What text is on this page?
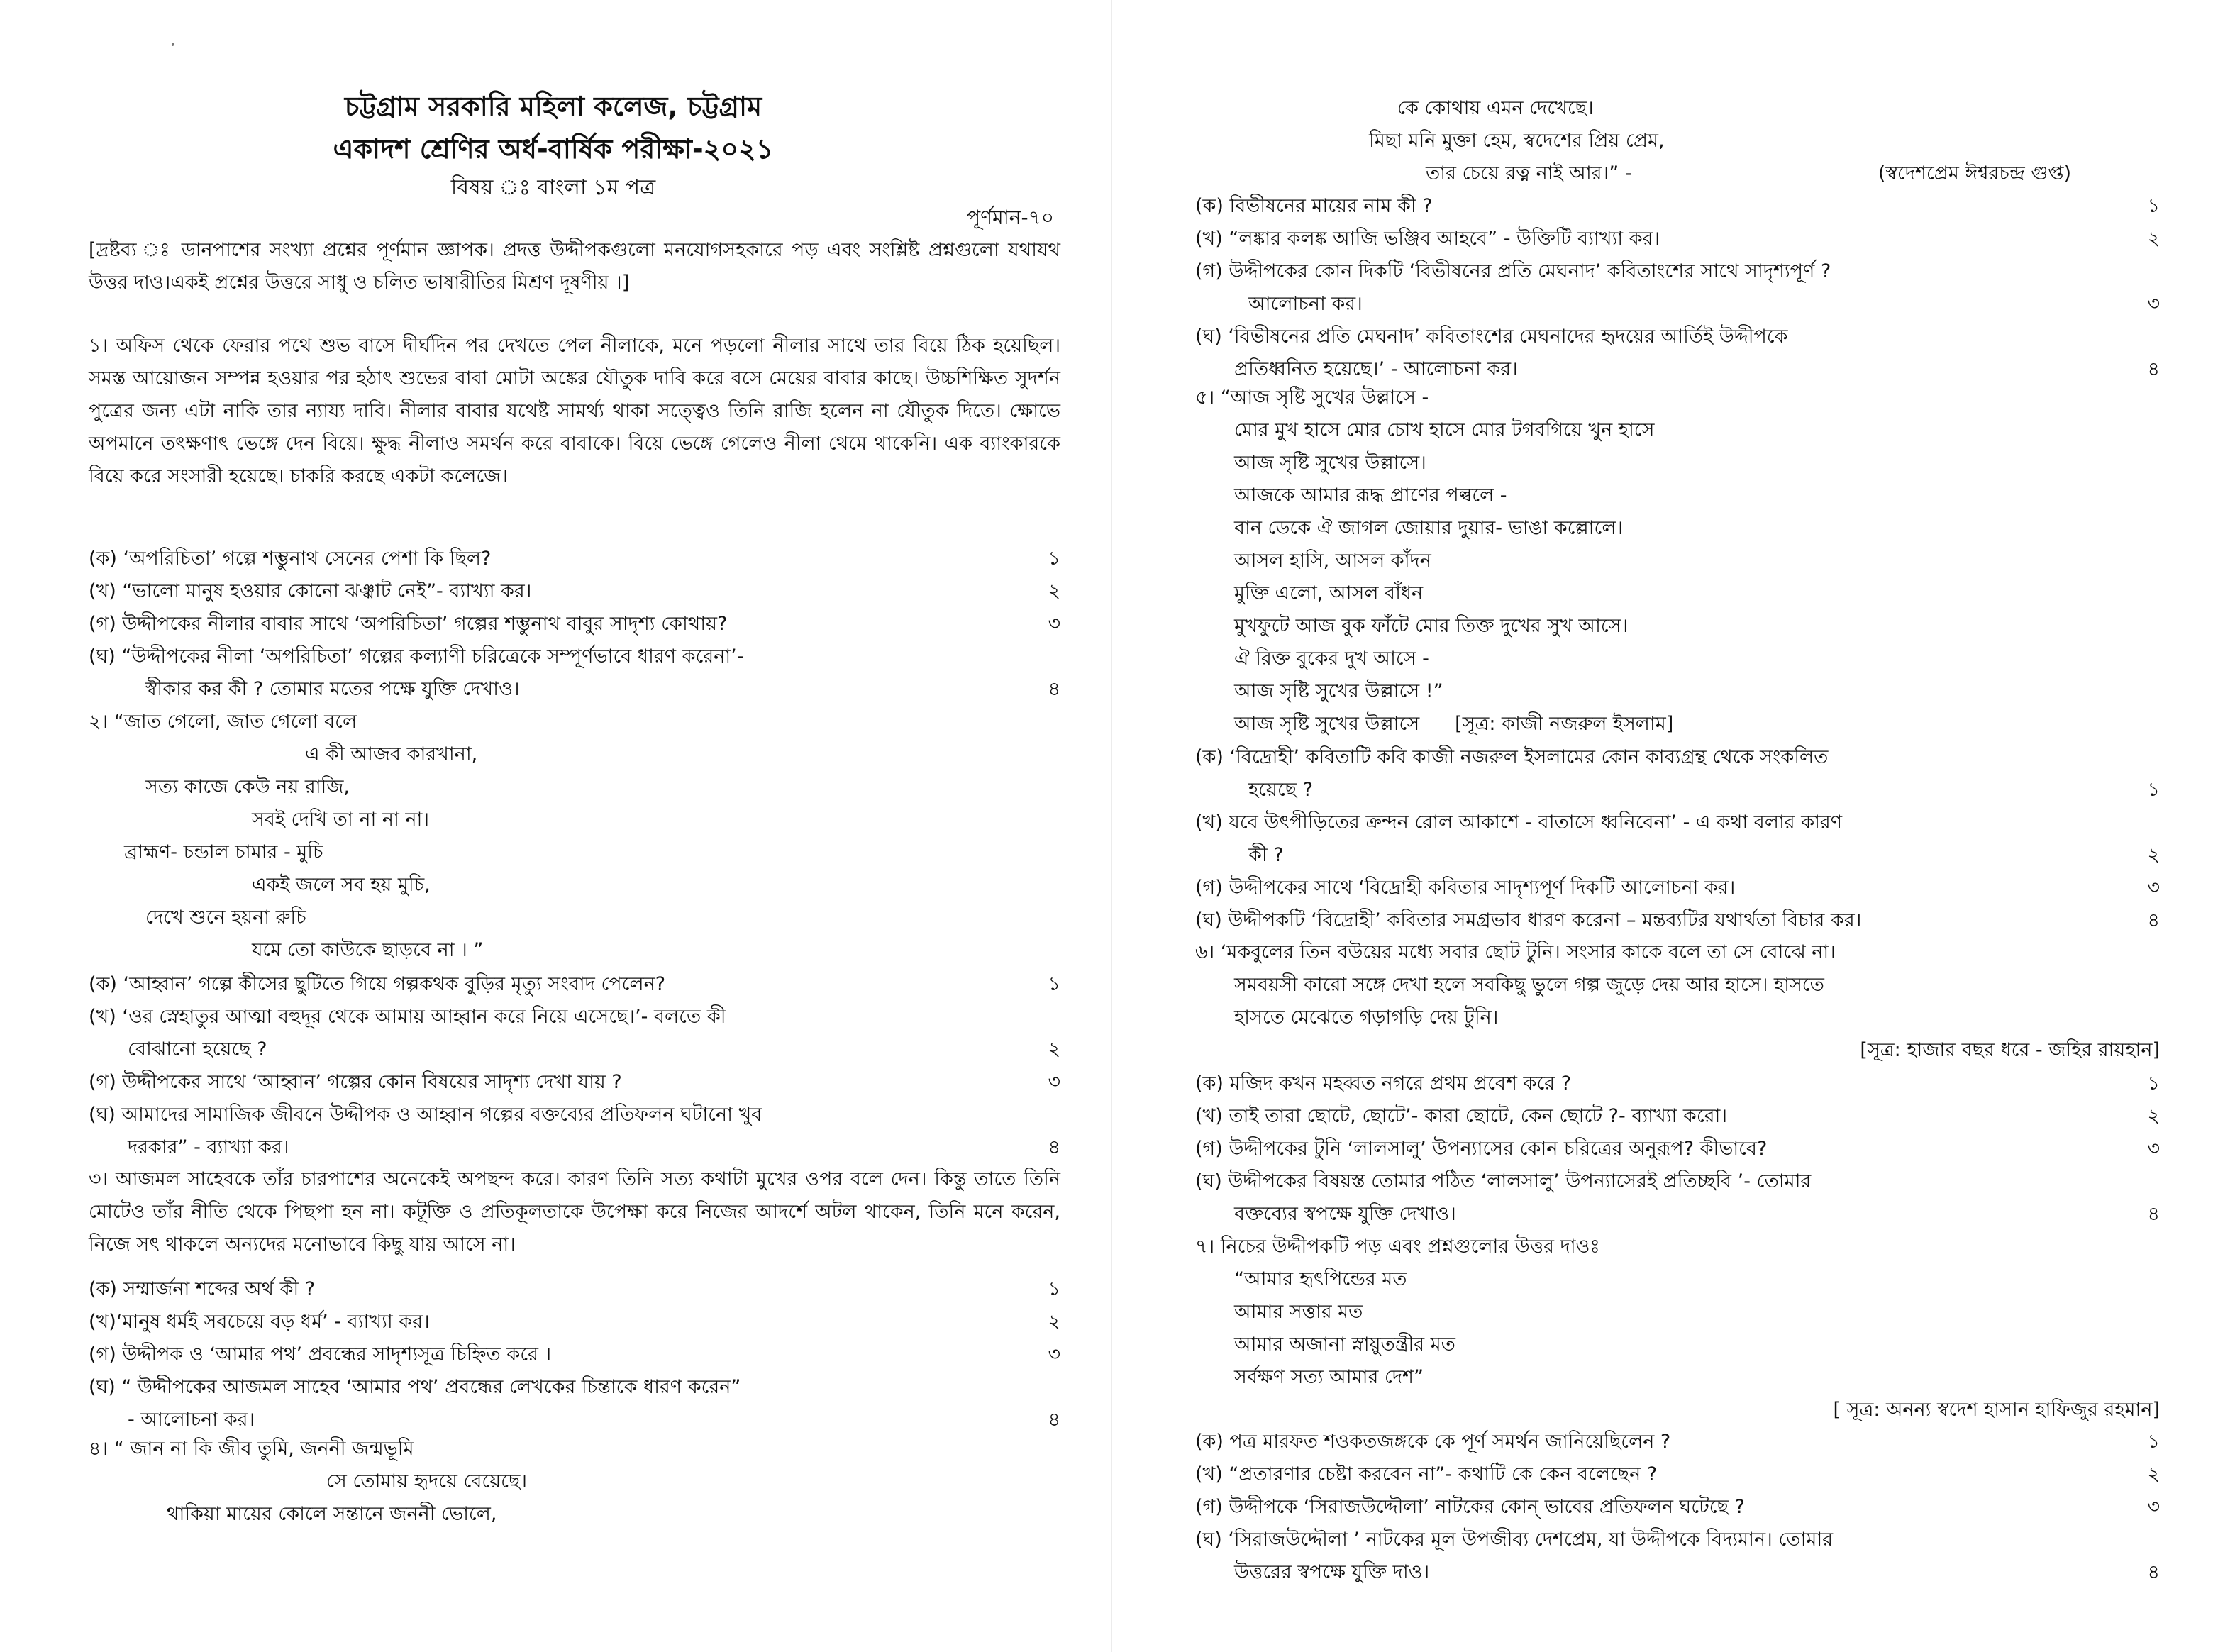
চট্টগ্রাম সরকারি মহিলা কলেজ, চট্টগ্রাম
একাদশ শ্রেণির অর্ধ-বার্ষিক পরীক্ষা-২০২১
বিষয় ঃ বাংলা ১ম পত্র
পূর্ণমান-৭০
[দ্রষ্টব্য ঃ ডানপাশের সংখ্যা প্রশ্নের পূর্ণমান জ্ঞাপক। প্রদত্ত উদ্দীপকগুলো মনযোগসহকারে পড় এবং সংশ্লিষ্ট প্রশ্নগুলো যথাযথ উত্তর দাও।একই প্রশ্নের উত্তরে সাধু ও চলিত ভাষারীতির মিশ্রণ দূষণীয় ।]
১। অফিস থেকে ফেরার পথে শুভ বাসে দীর্ঘদিন পর দেখতে পেল নীলাকে, মনে পড়লো নীলার সাথে তার বিয়ে ঠিক হয়েছিল। সমস্ত আয়োজন সম্পন্ন হওয়ার পর হঠাৎ শুভের বাবা মোটা অঙ্কের যৌতুক দাবি করে বসে মেয়ের বাবার কাছে। উচ্চশিক্ষিত সুদর্শন পুত্রের জন্য এটা নাকি তার ন্যায্য দাবি। নীলার বাবার যথেষ্ট সামর্থ্য থাকা সত্ত্বেও তিনি রাজি হলেন না যৌতুক দিতে। ক্ষোভে অপমানে তৎক্ষণাৎ ভেঙ্গে দেন বিয়ে। ক্ষুদ্ধ নীলাও সমর্থন করে বাবাকে। বিয়ে ভেঙ্গে গেলেও নীলা থেমে থাকেনি। এক ব্যাংকারকে বিয়ে করে সংসারী হয়েছে। চাকরি করছে একটা কলেজে।
(ক) ‘অপরিচিতা’ গল্পে শম্ভুনাথ সেনের পেশা কি ছিল?	১
(খ) “ভালো মানুষ হওয়ার কোনো ঝঞ্ঝাট নেই”- ব্যাখ্যা কর।	২
(গ) উদ্দীপকের নীলার বাবার সাথে ‘অপরিচিতা’ গল্পের শম্ভুনাথ বাবুর সাদৃশ্য কোথায়?	৩
(ঘ) “উদ্দীপকের নীলা ‘অপরিচিতা’ গল্পের কল্যাণী চরিত্রেকে সম্পূর্ণভাবে ধারণ করেনা’-
স্বীকার কর কী ? তোমার মতের পক্ষে যুক্তি দেখাও।	৪
২। “জাত গেলো, জাত গেলো বলে
এ কী আজব কারখানা,
সত্য কাজে কেউ নয় রাজি,
সবই দেখি তা না না না।
ব্রাহ্মণ- চন্ডাল চামার - মুচি
একই জলে সব হয় মুচি,
দেখে শুনে হয়না রুচি
যমে তো কাউকে ছাড়বে না । ”
(ক) ‘আহ্বান’ গল্পে কীসের ছুটিতে গিয়ে গল্পকথক বুড়ির মৃত্যু সংবাদ পেলেন?	১
(খ) ‘ওর স্নেহাতুর আত্মা বহুদূর থেকে আমায় আহ্বান করে নিয়ে এসেছে।’- বলতে কী
বোঝানো হয়েছে ?	২
(গ) উদ্দীপকের সাথে ‘আহ্বান’ গল্পের কোন বিষয়ের সাদৃশ্য দেখা যায় ?	৩
(ঘ) আমাদের সামাজিক জীবনে উদ্দীপক ও আহ্বান গল্পের বক্তব্যের প্রতিফলন ঘটানো খুব
দরকার” - ব্যাখ্যা কর।	৪
৩। আজমল সাহেবকে তাঁর চারপাশের অনেকেই অপছন্দ করে। কারণ তিনি সত্য কথাটা মুখের ওপর বলে দেন। কিন্তু তাতে তিনি মোটেও তাঁর নীতি থেকে পিছপা হন না। কটূক্তি ও প্রতিকূলতাকে উপেক্ষা করে নিজের আদর্শে অটল থাকেন, তিনি মনে করেন, নিজে সৎ থাকলে অন্যদের মনোভাবে কিছু যায় আসে না।
(ক) সম্মার্জনা শব্দের অর্থ কী ?	১
(খ)‘মানুষ ধর্মই সবচেয়ে বড় ধর্ম’ - ব্যাখ্যা কর।	২
(গ) উদ্দীপক ও ‘আমার পথ’ প্রবন্ধের সাদৃশ্যসূত্র চিহ্নিত করে ।	৩
(ঘ) “ উদ্দীপকের আজমল সাহেব ‘আমার পথ’ প্রবন্ধের লেখকের চিন্তাকে ধারণ করেন”
- আলোচনা কর।	৪
৪। “ জান না কি জীব তুমি, জননী জন্মভূমি
সে তোমায় হৃদয়ে বেয়েছে।
থাকিয়া মায়ের কোলে সন্তানে জননী ভোলে,
কে কোথায় এমন দেখেছে।
মিছা মনি মুক্তা হেম, স্বদেশের প্রিয় প্রেম,
তার চেয়ে রত্ন নাই আর।” -	(স্বদেশপ্রেম ঈশ্বরচন্দ্র গুপ্ত)
(ক) বিভীষনের মায়ের নাম কী ?	১
(খ) “লঙ্কার কলঙ্ক আজি ভঞ্জিব আহবে” - উক্তিটি ব্যাখ্যা কর।	২
(গ) উদ্দীপকের কোন দিকটি ‘বিভীষনের প্রতি মেঘনাদ’ কবিতাংশের সাথে সাদৃশ্যপূর্ণ ?
আলোচনা কর।	৩
(ঘ) ‘বিভীষনের প্রতি মেঘনাদ’ কবিতাংশের মেঘনাদের হৃদয়ের আর্তিই উদ্দীপকে
প্রতিধ্বনিত হয়েছে।’ - আলোচনা কর।	৪
৫। “আজ সৃষ্টি সুখের উল্লাসে -
মোর মুখ হাসে মোর চোখ হাসে মোর টগবগিয়ে খুন হাসে
আজ সৃষ্টি সুখের উল্লাসে।
আজকে আমার রূদ্ধ প্রাণের পল্বলে -
বান ডেকে ঐ জাগল জোয়ার দুয়ার- ভাঙা কল্লোলে।
আসল হাসি, আসল কাঁদন
মুক্তি এলো, আসল বাঁধন
মুখফুটে আজ বুক ফাঁটে মোর তিক্ত দুখের সুখ আসে।
ঐ রিক্ত বুকের দুখ আসে -
আজ সৃষ্টি সুখের উল্লাসে !”
আজ সৃষ্টি সুখের উল্লাসে [সূত্র: কাজী নজরুল ইসলাম]
(ক) ‘বিদ্রোহী’ কবিতাটি কবি কাজী নজরুল ইসলামের কোন কাব্যগ্রন্থ থেকে সংকলিত
হয়েছে ?	১
(খ) যবে উৎপীড়িতের ক্রন্দন রোল আকাশে - বাতাসে ধ্বনিবেনা’ - এ কথা বলার কারণ
কী ?	২
(গ) উদ্দীপকের সাথে ‘বিদ্রোহী কবিতার সাদৃশ্যপূর্ণ দিকটি আলোচনা কর।	৩
(ঘ) উদ্দীপকটি ‘বিদ্রোহী’ কবিতার সমগ্রভাব ধারণ করেনা – মন্তব্যটির যথার্থতা বিচার কর।	৪
৬। ‘মকবুলের তিন বউয়ের মধ্যে সবার ছোট টুনি। সংসার কাকে বলে তা সে বোঝে না।
সমবয়সী কারো সঙ্গে দেখা হলে সবকিছু ভুলে গল্প জুড়ে দেয় আর হাসে। হাসতে
হাসতে মেঝেতে গড়াগড়ি দেয় টুনি।
[সূত্র: হাজার বছর ধরে - জহির রায়হান]

(ক) মজিদ কখন মহব্বত নগরে প্রথম প্রবেশ করে ?	১
(খ) তাই তারা ছোটে, ছোটে’- কারা ছোটে, কেন ছোটে ?- ব্যাখ্যা করো।	২
(গ) উদ্দীপকের টুনি ‘লালসালু’ উপন্যাসের কোন চরিত্রের অনুরূপ? কীভাবে?	৩
(ঘ) উদ্দীপকের বিষয়স্ত তোমার পঠিত ‘লালসালু’ উপন্যাসেরই প্রতিচ্ছবি ’- তোমার
বক্তব্যের স্বপক্ষে যুক্তি দেখাও।	৪
৭। নিচের উদ্দীপকটি পড় এবং প্রশ্নগুলোর উত্তর দাওঃ
“আমার হৃৎপিন্ডের মত
আমার সত্তার মত
আমার অজানা স্নায়ুতন্ত্রীর মত
সর্বক্ষণ সত্য আমার দেশ”
[ সূত্র: অনন্য স্বদেশ হাসান হাফিজুর রহমান]

(ক) পত্র মারফত শওকতজঙ্গকে কে পূর্ণ সমর্থন জানিয়েছিলেন ?	১
(খ) “প্রতারণার চেষ্টা করবেন না”- কথাটি কে কেন বলেছেন ?	২
(গ) উদ্দীপকে ‘সিরাজউদ্দৌলা’ নাটকের কোন্ ভাবের প্রতিফলন ঘটেছে ?	৩
(ঘ) ‘সিরাজউদ্দৌলা ’ নাটকের মূল উপজীব্য দেশপ্রেম, যা উদ্দীপকে বিদ্যমান। তোমার
উত্তরের স্বপক্ষে যুক্তি দাও।	৪
